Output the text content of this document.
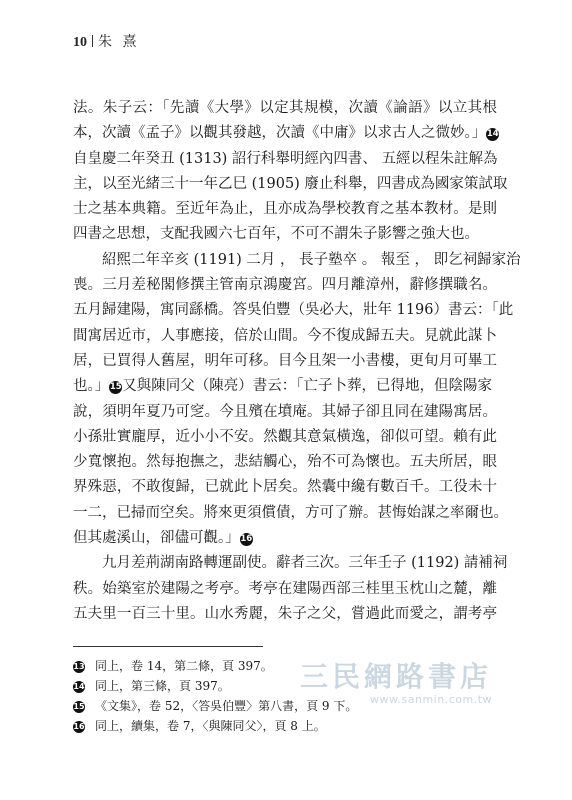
10 朱 熹
法。朱子云：「先讀《大學》以定其規模，次讀《論語》以立其根
本，次讀《孟子》以觀其發越，次讀《中庸》以求古人之微妙。」14
自皇慶二年癸丑 (1313) 詔行科舉明經內四書、 五經以程朱註解為
主，以至光緒三十一年乙巳 (1905) 廢止科舉，四書成為國家策試取
士之基本典籍。至近年為止，且亦成為學校教育之基本教材。是則
四書之思想，支配我國六七百年，不可不謂朱子影響之強大也。
紹熙二年辛亥 (1191) 二月 ， 長子塾卒 。 報至 ， 即乞祠歸家治
喪。三月差秘閣修撰主管南京鴻慶宮。四月離漳州，辭修撰職名。
五月歸建陽，寓同繇橋。答吳伯豐（吳必大，壯年 1196）書云：「此
間寓居近市，人事應接，倍於山間。今不復成歸五夫。見就此謀卜
居，已買得人舊屋，明年可移。目今且架一小書樓，更旬月可畢工
也。」15又與陳同父（陳亮）書云：「亡子卜葬，已得地，但陰陽家
說，須明年夏乃可窆。今且殯在墳庵。其婦子卻且同在建陽寓居。
小孫壯實龐厚，近小小不安。然觀其意氣橫逸，卻似可望。賴有此
少寬懷抱。然每抱撫之，悲結觸心，殆不可為懷也。五夫所居，眼
界殊惡，不敢復歸，已就此卜居矣。然囊中纔有數百千。工役未十
一二，已掃而空矣。將來更須償債，方可了辦。甚悔始謀之率爾也。
但其處溪山，卻儘可觀。」16
九月差荊湖南路轉運副使。辭者三次。三年壬子 (1192) 請補祠
秩。始築室於建陽之考亭。考亭在建陽西部三桂里玉枕山之麓，離
五夫里一百三十里。山水秀麗，朱子之父，嘗過此而愛之，謂考亭
13 同上，卷 14，第二條，頁 397。
14 同上，第三條，頁 397。
15 《文集》，卷 52，〈答吳伯豐〉第八書，頁 9 下。
16 同上，續集，卷 7，〈與陳同父〉，頁 8 上。
三民網路書店
www.sanmin.com.tw
